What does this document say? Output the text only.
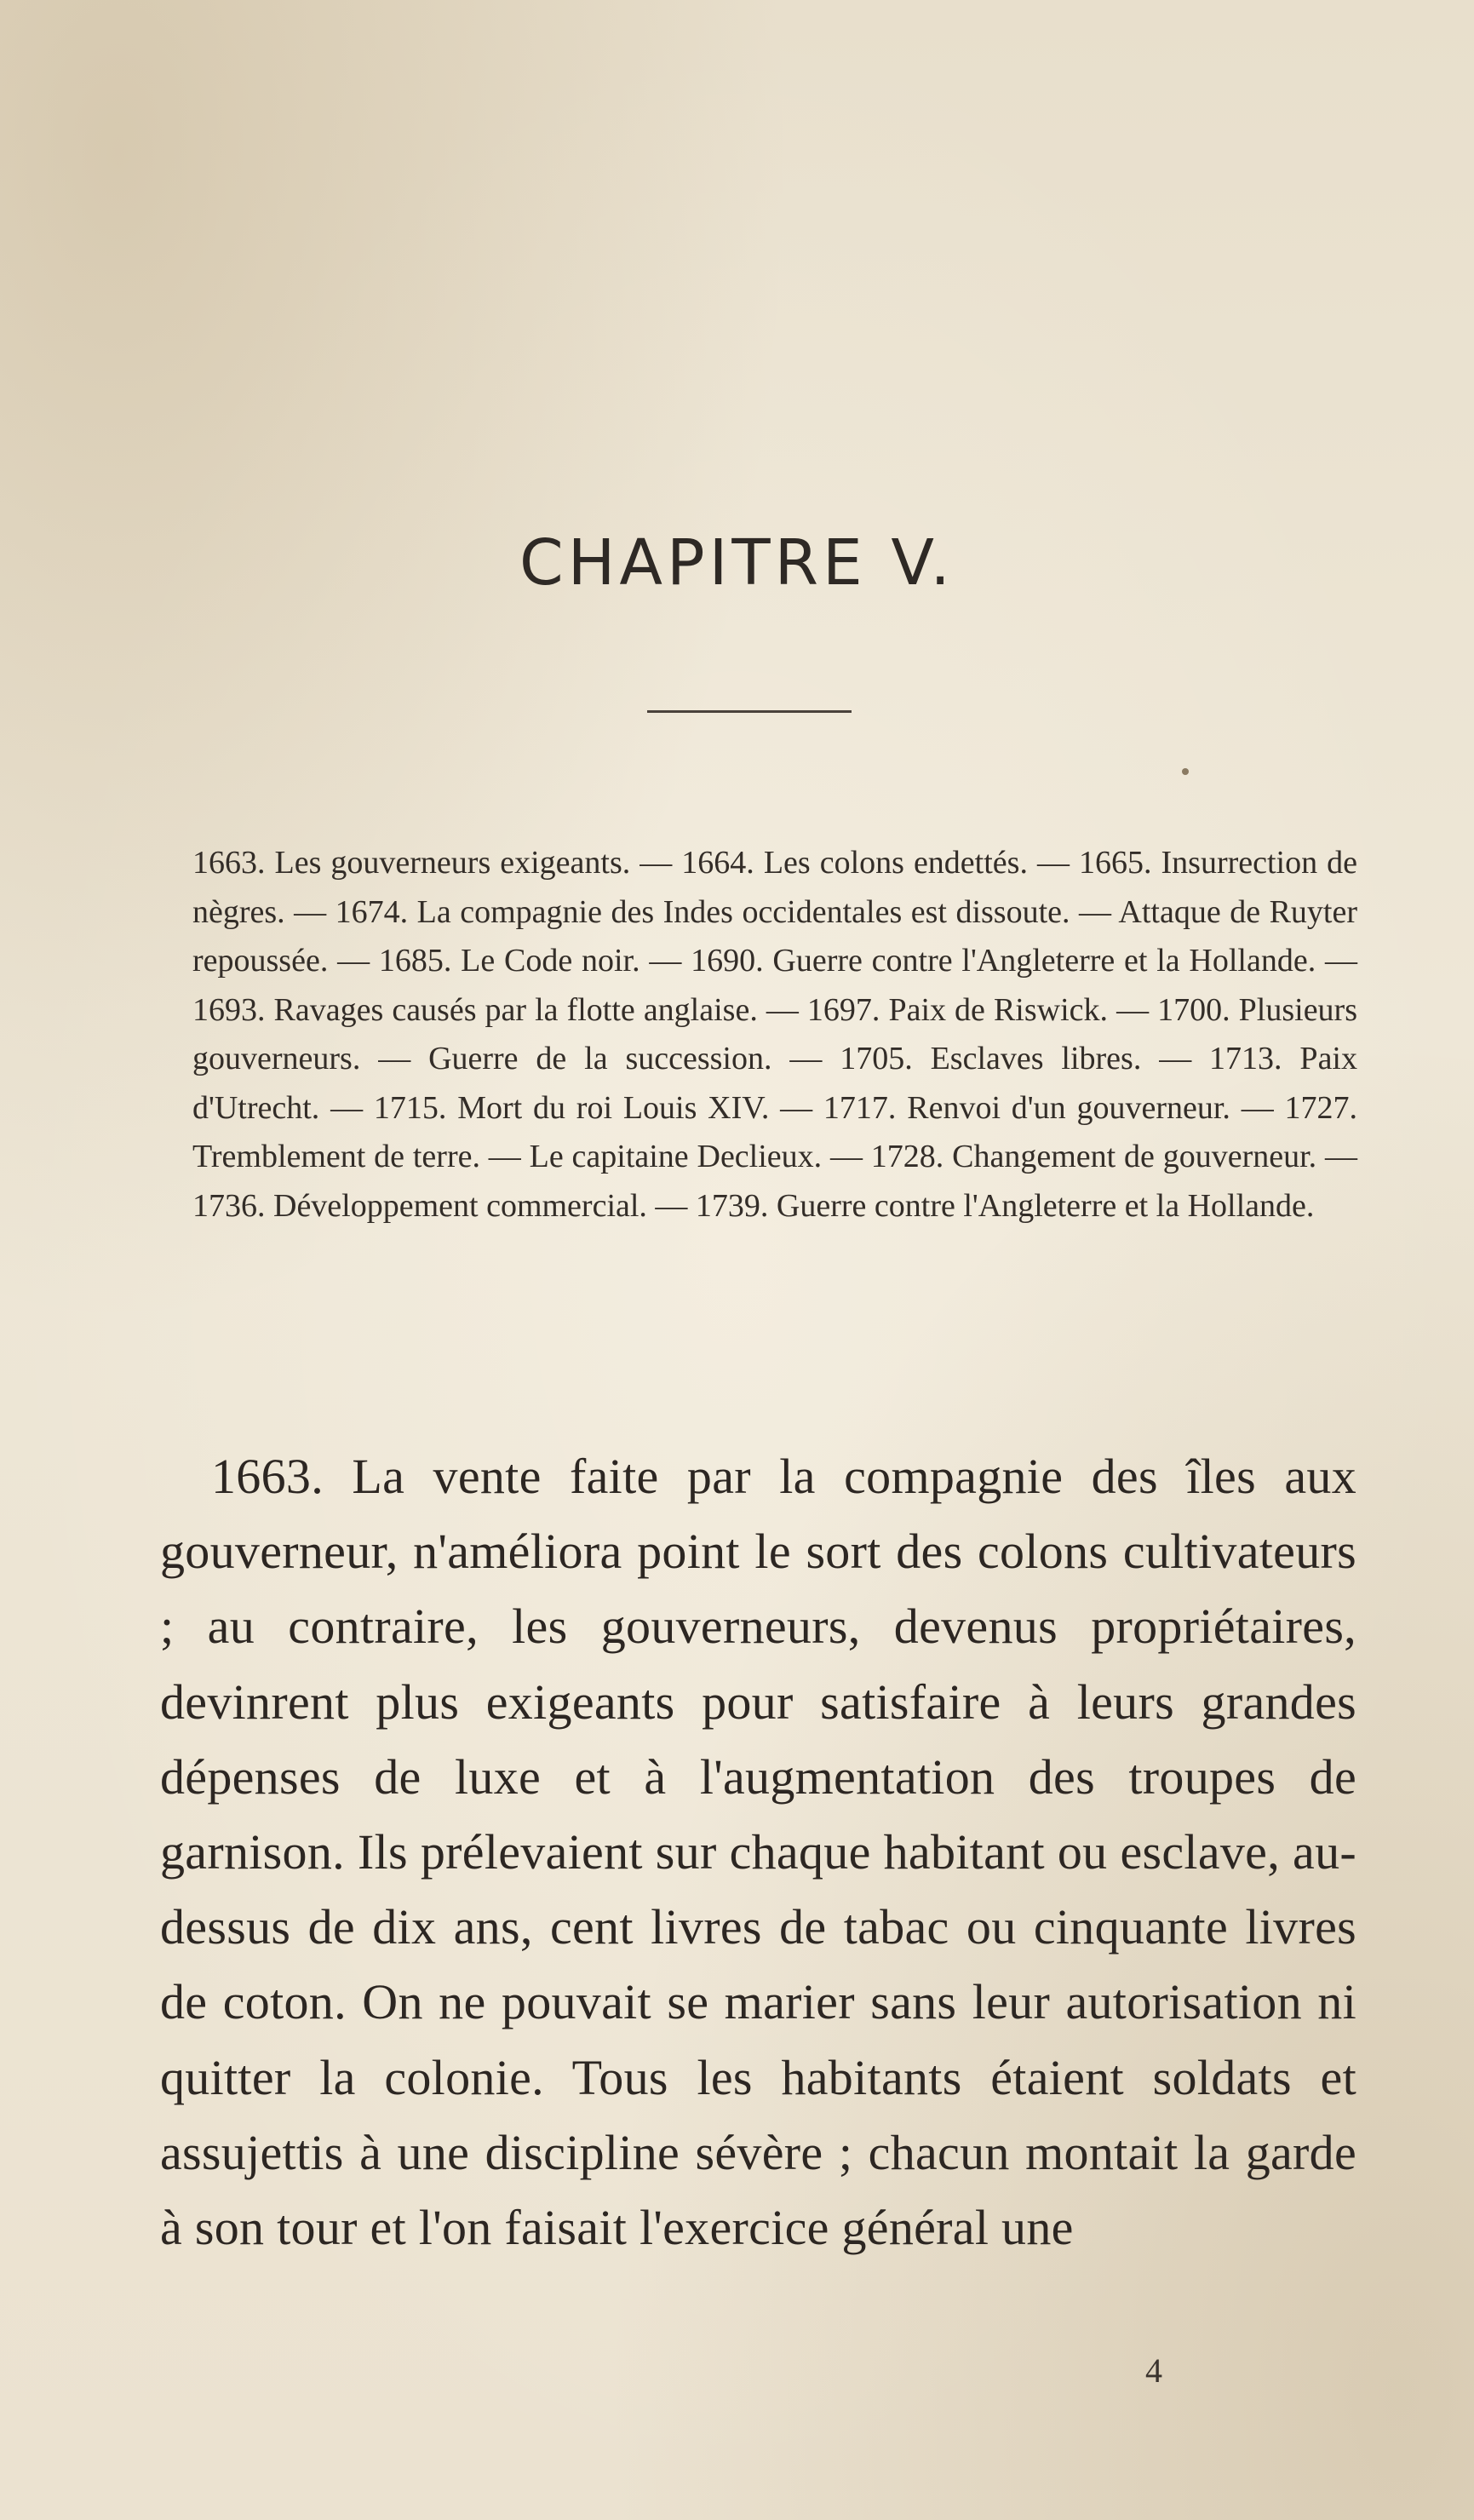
CHAPITRE V.

1663. Les gouverneurs exigeants. — 1664. Les colons endettés. — 1665. Insurrection de nègres. — 1674. La compagnie des Indes occidentales est dissoute. — Attaque de Ruyter repoussée. — 1685. Le Code noir. — 1690. Guerre contre l'Angleterre et la Hollande. — 1693. Ravages causés par la flotte anglaise. — 1697. Paix de Riswick. — 1700. Plusieurs gouverneurs. — Guerre de la succession. — 1705. Esclaves libres. — 1713. Paix d'Utrecht. — 1715. Mort du roi Louis XIV. — 1717. Renvoi d'un gouverneur. — 1727. Tremblement de terre. — Le capitaine Declieux. — 1728. Changement de gouverneur. — 1736. Développement commercial. — 1739. Guerre contre l'Angleterre et la Hollande.

1663. La vente faite par la compagnie des îles aux gouverneur, n'améliora point le sort des colons cultivateurs ; au contraire, les gouverneurs, devenus propriétaires, devinrent plus exigeants pour satisfaire à leurs grandes dépenses de luxe et à l'augmentation des troupes de garnison. Ils prélevaient sur chaque habitant ou esclave, au-dessus de dix ans, cent livres de tabac ou cinquante livres de coton. On ne pouvait se marier sans leur autorisation ni quitter la colonie. Tous les habitants étaient soldats et assujettis à une discipline sévère ; chacun montait la garde à son tour et l'on faisait l'exercice général une

4
